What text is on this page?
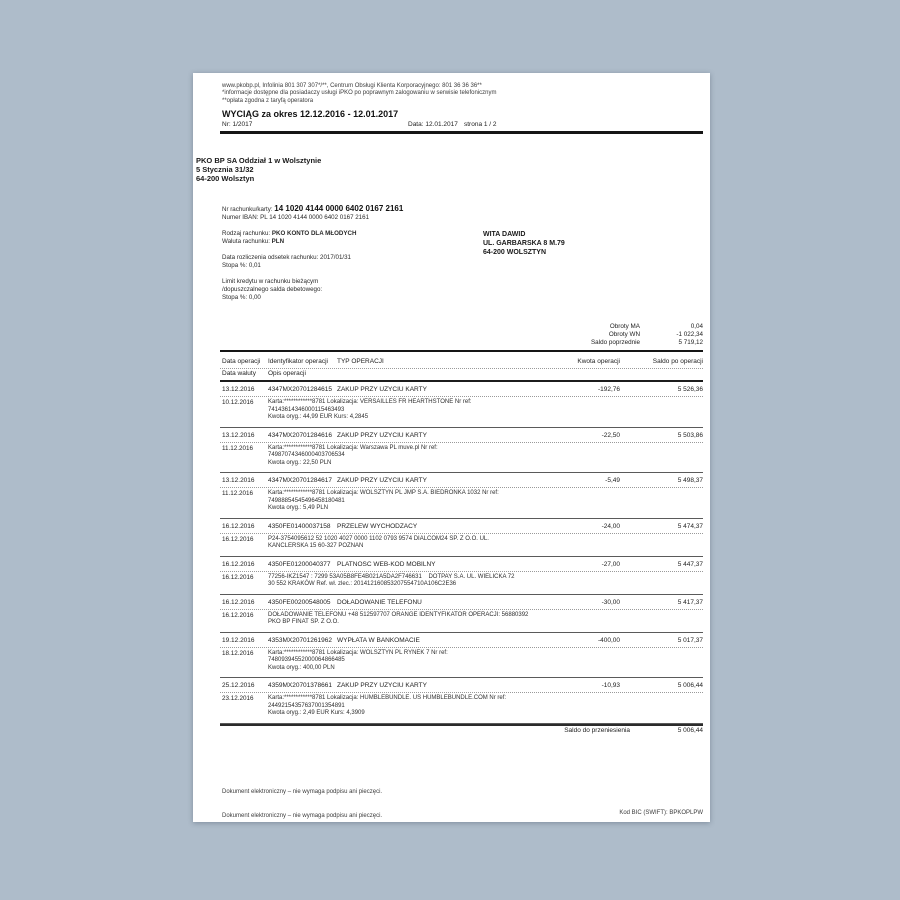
www.pkobp.pl, Infolinia 801 307 307*/**, Centrum Obsługi Klienta Korporacyjnego: 801 36 36 36**
*informacje dostępne dla posiadaczy usługi iPKO po poprawnym zalogowaniu w serwisie telefonicznym
**opłata zgodna z taryfą operatora
WYCIĄG za okres 12.12.2016 - 12.01.2017
Nr: 1/2017	Data: 12.01.2017 strona 1 / 2
PKO BP SA Oddział 1 w Wolsztynie
5 Stycznia 31/32
64-200 Wolsztyn
Nr rachunku/karty: 14 1020 4144 0000 6402 0167 2161
Numer IBAN: PL 14 1020 4144 0000 6402 0167 2161
Rodzaj rachunku: PKO KONTO DLA MŁODYCH
Waluta rachunku: PLN
Data rozliczenia odsetek rachunku: 2017/01/31
Stopa %: 0,01
Limit kredytu w rachunku bieżącym
/dopuszczalnego salda debetowego:
Stopa %: 0,00
WITA DAWID
UL. GARBARSKA 8 M.79
64-200 WOLSZTYN
Obroty MA	0,04
Obroty WN	-1 022,34
Saldo poprzednie	5 719,12
Data operacji Identyfikator operacji TYP OPERACJI	Kwota operacji	Saldo po operacji
Data waluty Opis operacji
13.12.2016 4347MX20701284615 ZAKUP PRZY UZYCIU KARTY	-192,76	5 526,36
10.12.2016 Karta:************8781 Lokalizacja: VERSAILLES FR HEARTHSTONE Nr ref:
74143614346000115463493
Kwota oryg.: 44,99 EUR Kurs: 4,2845
13.12.2016 4347MX20701284616 ZAKUP PRZY UZYCIU KARTY	-22,50	5 503,86
11.12.2016 Karta:************8781 Lokalizacja: Warszawa PL muve.pl Nr ref:
74987074346000403706534
Kwota oryg.: 22,50 PLN
13.12.2016 4347MX20701284617 ZAKUP PRZY UZYCIU KARTY	-5,49	5 498,37
11.12.2016 Karta:************8781 Lokalizacja: WOLSZTYN PL JMP S.A. BIEDRONKA 1032 Nr ref:
74988854545496458180481
Kwota oryg.: 5,49 PLN
16.12.2016 4350FE01400037158 PRZELEW WYCHODZACY	-24,00	5 474,37
16.12.2016 P24-3754095612 52 1020 4027 0000 1102 0793 9574 DIALCOM24 SP. Z O.O. UL.
KANCLERSKA 15 60-327 POZNAN
16.12.2016 4350FE01200040377 PLATNOSC WEB-KOD MOBILNY	-27,00	5 447,37
16.12.2016 77256-IKZ1547 : 7299 53A05B8FE4B021A5DA2F746631    DOTPAY S.A. UL. WIELICKA 72
30 552 KRAKÓW Ref. wł. zlec.: 201412160853207554710A106C2E36
16.12.2016 4350FE00200548005 DOŁADOWANIE TELEFONU	-30,00	5 417,37
16.12.2016 DOŁADOWANIE TELEFONU +48 512597707 ORANGE IDENTYFIKATOR OPERACJI: 56880392
PKO BP FINAT SP. Z O.O.
19.12.2016 4353MX20701261962 WYPŁATA W BANKOMACIE	-400,00	5 017,37
18.12.2016 Karta:************8781 Lokalizacja: WOLSZTYN PL RYNEK 7 Nr ref:
74809394552000064866485
Kwota oryg.: 400,00 PLN
25.12.2016 4359MX20701378661 ZAKUP PRZY UZYCIU KARTY	-10,93	5 006,44
23.12.2016 Karta:************8781 Lokalizacja: HUMBLEBUNDLE. US HUMBLEBUNDLE.COM Nr ref:
24492154357637001354891
Kwota oryg.: 2,49 EUR Kurs: 4,3909
Saldo do przeniesienia	5 006,44
Dokument elektroniczny – nie wymaga podpisu ani pieczęci.
Dokument elektroniczny – nie wymaga podpisu ani pieczęci.	Kod BIC (SWIFT): BPKOPLPW
